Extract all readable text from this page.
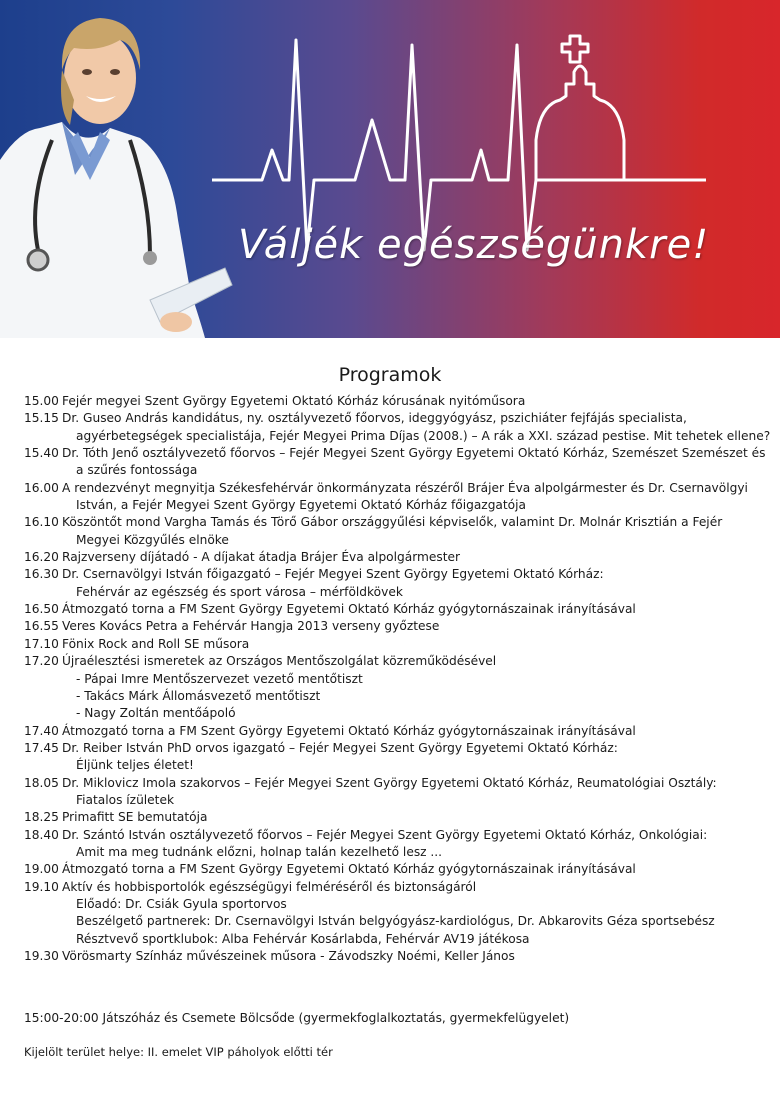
Váljék egészségünkre!
Programok
15.00 Fejér megyei Szent György Egyetemi Oktató Kórház kórusának nyitóműsora
15.15 Dr. Guseo András kandidátus, ny. osztályvezető főorvos, ideggyógyász, pszichiáter fejfájás specialista,
agyérbetegségek specialistája, Fejér Megyei Prima Díjas (2008.) – A rák a XXI. század pestise. Mit tehetek ellene?
15.40 Dr. Tóth Jenő osztályvezető főorvos – Fejér Megyei Szent György Egyetemi Oktató Kórház, Szemészet Szemészet és
a szűrés fontossága
16.00 A rendezvényt megnyitja Székesfehérvár önkormányzata részéről Brájer Éva alpolgármester és Dr. Csernavölgyi
István, a Fejér Megyei Szent György Egyetemi Oktató Kórház főigazgatója
16.10 Köszöntőt mond Vargha Tamás és Törő Gábor országgyűlési képviselők, valamint Dr. Molnár Krisztián a Fejér
Megyei Közgyűlés elnöke
16.20 Rajzverseny díjátadó - A díjakat átadja Brájer Éva alpolgármester
16.30 Dr. Csernavölgyi István főigazgató – Fejér Megyei Szent György Egyetemi Oktató Kórház:
Fehérvár az egészség és sport városa – mérföldkövek
16.50 Átmozgató torna a FM Szent György Egyetemi Oktató Kórház gyógytornászainak irányításával
16.55 Veres Kovács Petra a Fehérvár Hangja 2013 verseny győztese
17.10 Fönix Rock and Roll SE műsora
17.20 Újraélesztési ismeretek az Országos Mentőszolgálat közreműködésével
- Pápai Imre Mentőszervezet vezető mentőtiszt
- Takács Márk Állomásvezető mentőtiszt
- Nagy Zoltán mentőápoló
17.40 Átmozgató torna a FM Szent György Egyetemi Oktató Kórház gyógytornászainak irányításával
17.45 Dr. Reiber István PhD orvos igazgató – Fejér Megyei Szent György Egyetemi Oktató Kórház:
Éljünk teljes életet!
18.05 Dr. Miklovicz Imola szakorvos – Fejér Megyei Szent György Egyetemi Oktató Kórház, Reumatológiai Osztály:
Fiatalos ízületek
18.25 Primafitt SE bemutatója
18.40 Dr. Szántó István osztályvezető főorvos – Fejér Megyei Szent György Egyetemi Oktató Kórház, Onkológiai:
Amit ma meg tudnánk előzni, holnap talán kezelhető lesz ...
19.00 Átmozgató torna a FM Szent György Egyetemi Oktató Kórház gyógytornászainak irányításával
19.10 Aktív és hobbisportolók egészségügyi felméréséről és biztonságáról
Előadó: Dr. Csiák Gyula sportorvos
Beszélgető partnerek: Dr. Csernavölgyi István belgyógyász-kardiológus, Dr. Abkarovits Géza sportsebész
Résztvevő sportklubok: Alba Fehérvár Kosárlabda, Fehérvár AV19 játékosa
19.30 Vörösmarty Színház művészeinek műsora - Závodszky Noémi, Keller János
15:00-20:00 Játszóház és Csemete Bölcsőde (gyermekfoglalkoztatás, gyermekfelügyelet)
Kijelölt terület helye: II. emelet VIP páholyok előtti tér
